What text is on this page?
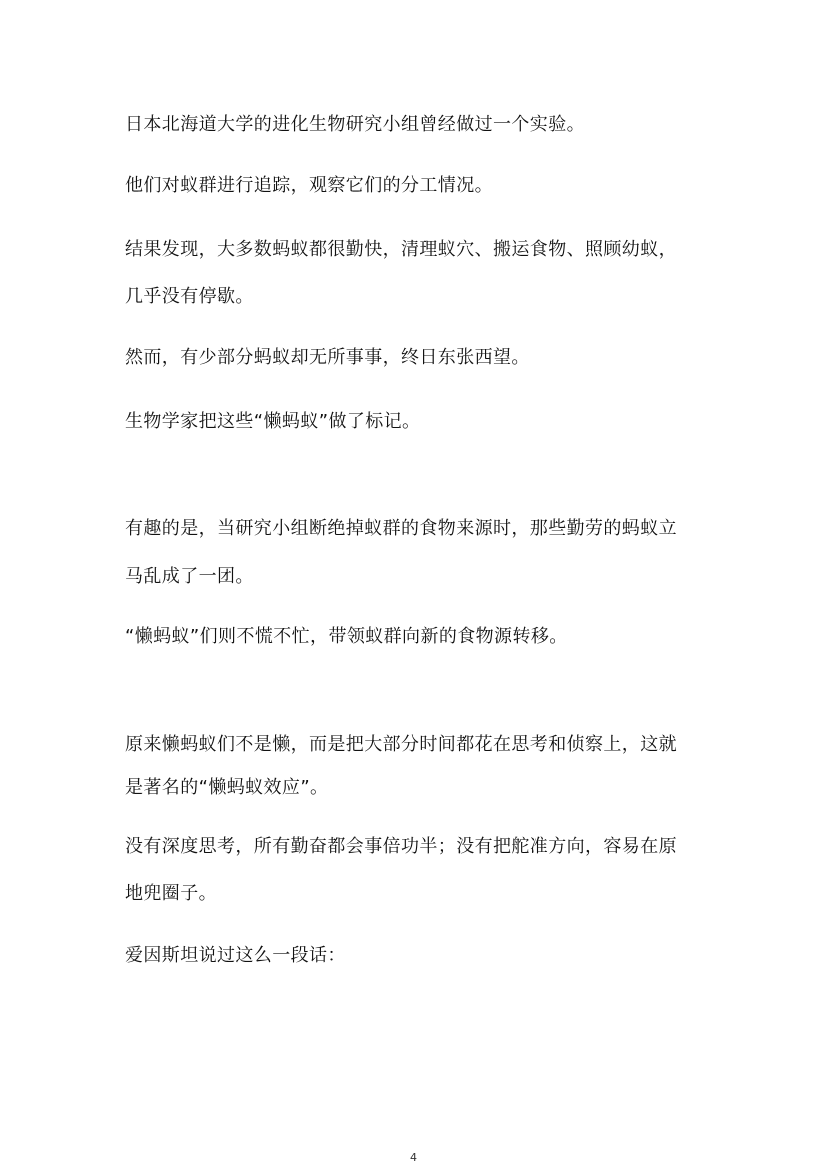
日本北海道大学的进化生物研究小组曾经做过一个实验。
他们对蚁群进行追踪，观察它们的分工情况。
结果发现，大多数蚂蚁都很勤快，清理蚁穴、搬运食物、照顾幼蚁，
几乎没有停歇。
然而，有少部分蚂蚁却无所事事，终日东张西望。
生物学家把这些“懒蚂蚁”做了标记。
有趣的是，当研究小组断绝掉蚁群的食物来源时，那些勤劳的蚂蚁立
马乱成了一团。
“懒蚂蚁”们则不慌不忙，带领蚁群向新的食物源转移。
原来懒蚂蚁们不是懒，而是把大部分时间都花在思考和侦察上，这就
是著名的“懒蚂蚁效应”。
没有深度思考，所有勤奋都会事倍功半；没有把舵准方向，容易在原
地兜圈子。
爱因斯坦说过这么一段话：
4
